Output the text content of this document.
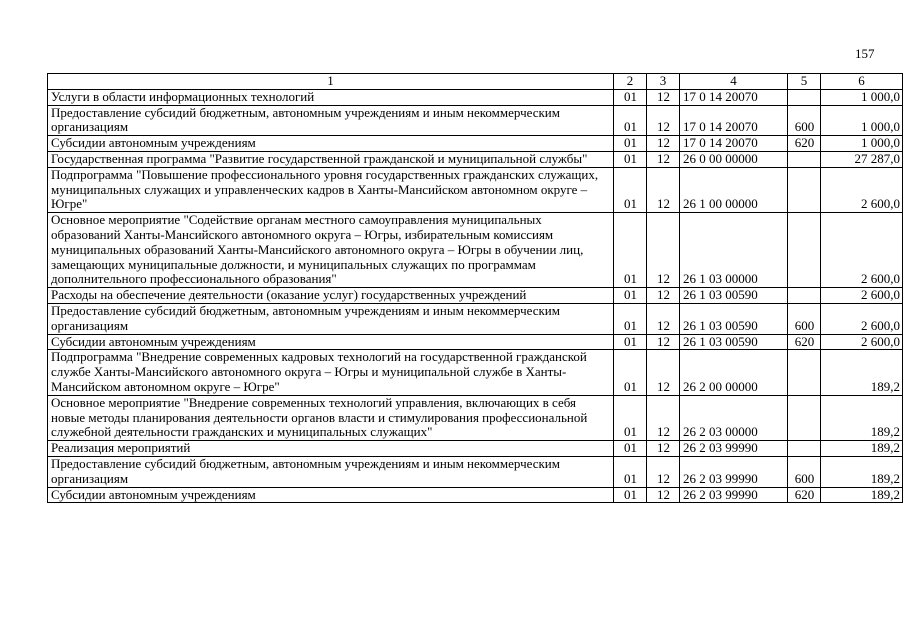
157
1	2	3	4	5	6
Услуги в области информационных технологий	01	12	17 0 14 20070		1 000,0
Предоставление субсидий бюджетным, автономным учреждениям и иным некоммерческим организациям	01	12	17 0 14 20070	600	1 000,0
Субсидии автономным учреждениям	01	12	17 0 14 20070	620	1 000,0
Государственная программа "Развитие государственной гражданской и муниципальной службы"	01	12	26 0 00 00000		27 287,0
Подпрограмма "Повышение профессионального уровня государственных гражданских служащих, муниципальных служащих и управленческих кадров в Ханты-Мансийском автономном округе – Югре"	01	12	26 1 00 00000		2 600,0
Основное мероприятие "Содействие органам местного самоуправления муниципальных образований Ханты-Мансийского автономного округа – Югры, избирательным комиссиям муниципальных образований Ханты-Мансийского автономного округа – Югры в обучении лиц, замещающих муниципальные должности, и муниципальных служащих по программам дополнительного профессионального образования"	01	12	26 1 03 00000		2 600,0
Расходы на обеспечение деятельности (оказание услуг) государственных учреждений	01	12	26 1 03 00590		2 600,0
Предоставление субсидий бюджетным, автономным учреждениям и иным некоммерческим организациям	01	12	26 1 03 00590	600	2 600,0
Субсидии автономным учреждениям	01	12	26 1 03 00590	620	2 600,0
Подпрограмма "Внедрение современных кадровых технологий на государственной гражданской службе Ханты-Мансийского автономного округа – Югры и муниципальной службе в Ханты-Мансийском автономном округе – Югре"	01	12	26 2 00 00000		189,2
Основное мероприятие "Внедрение современных технологий управления, включающих в себя новые методы планирования деятельности органов власти и стимулирования профессиональной служебной деятельности гражданских и муниципальных служащих"	01	12	26 2 03 00000		189,2
Реализация мероприятий	01	12	26 2 03 99990		189,2
Предоставление субсидий бюджетным, автономным учреждениям и иным некоммерческим организациям	01	12	26 2 03 99990	600	189,2
Субсидии автономным учреждениям	01	12	26 2 03 99990	620	189,2
